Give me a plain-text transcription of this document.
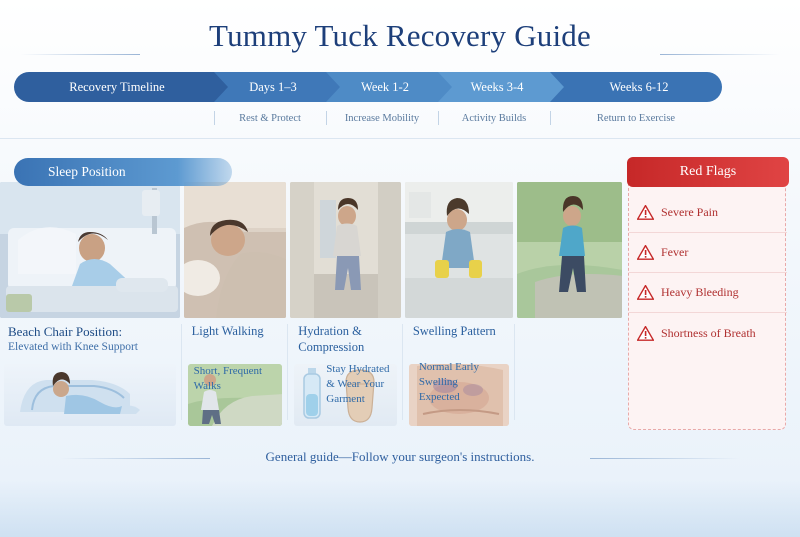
Tummy Tuck Recovery Guide
Recovery Timeline	Days 1–3	Week 1-2	Weeks 3-4	Weeks 6-12
Rest & Protect	Increase Mobility	Activity Builds	Return to Exercise
Sleep Position
Beach Chair Position:
Elevated with Knee Support
Light Walking
Short, Frequent Walks
Hydration & Compression
Stay Hydrated & Wear Your Garment
Swelling Pattern
Normal Early Swelling Expected
Red Flags
Severe Pain
Fever
Heavy Bleeding
Shortness of Breath
General guide—Follow your surgeon's instructions.
